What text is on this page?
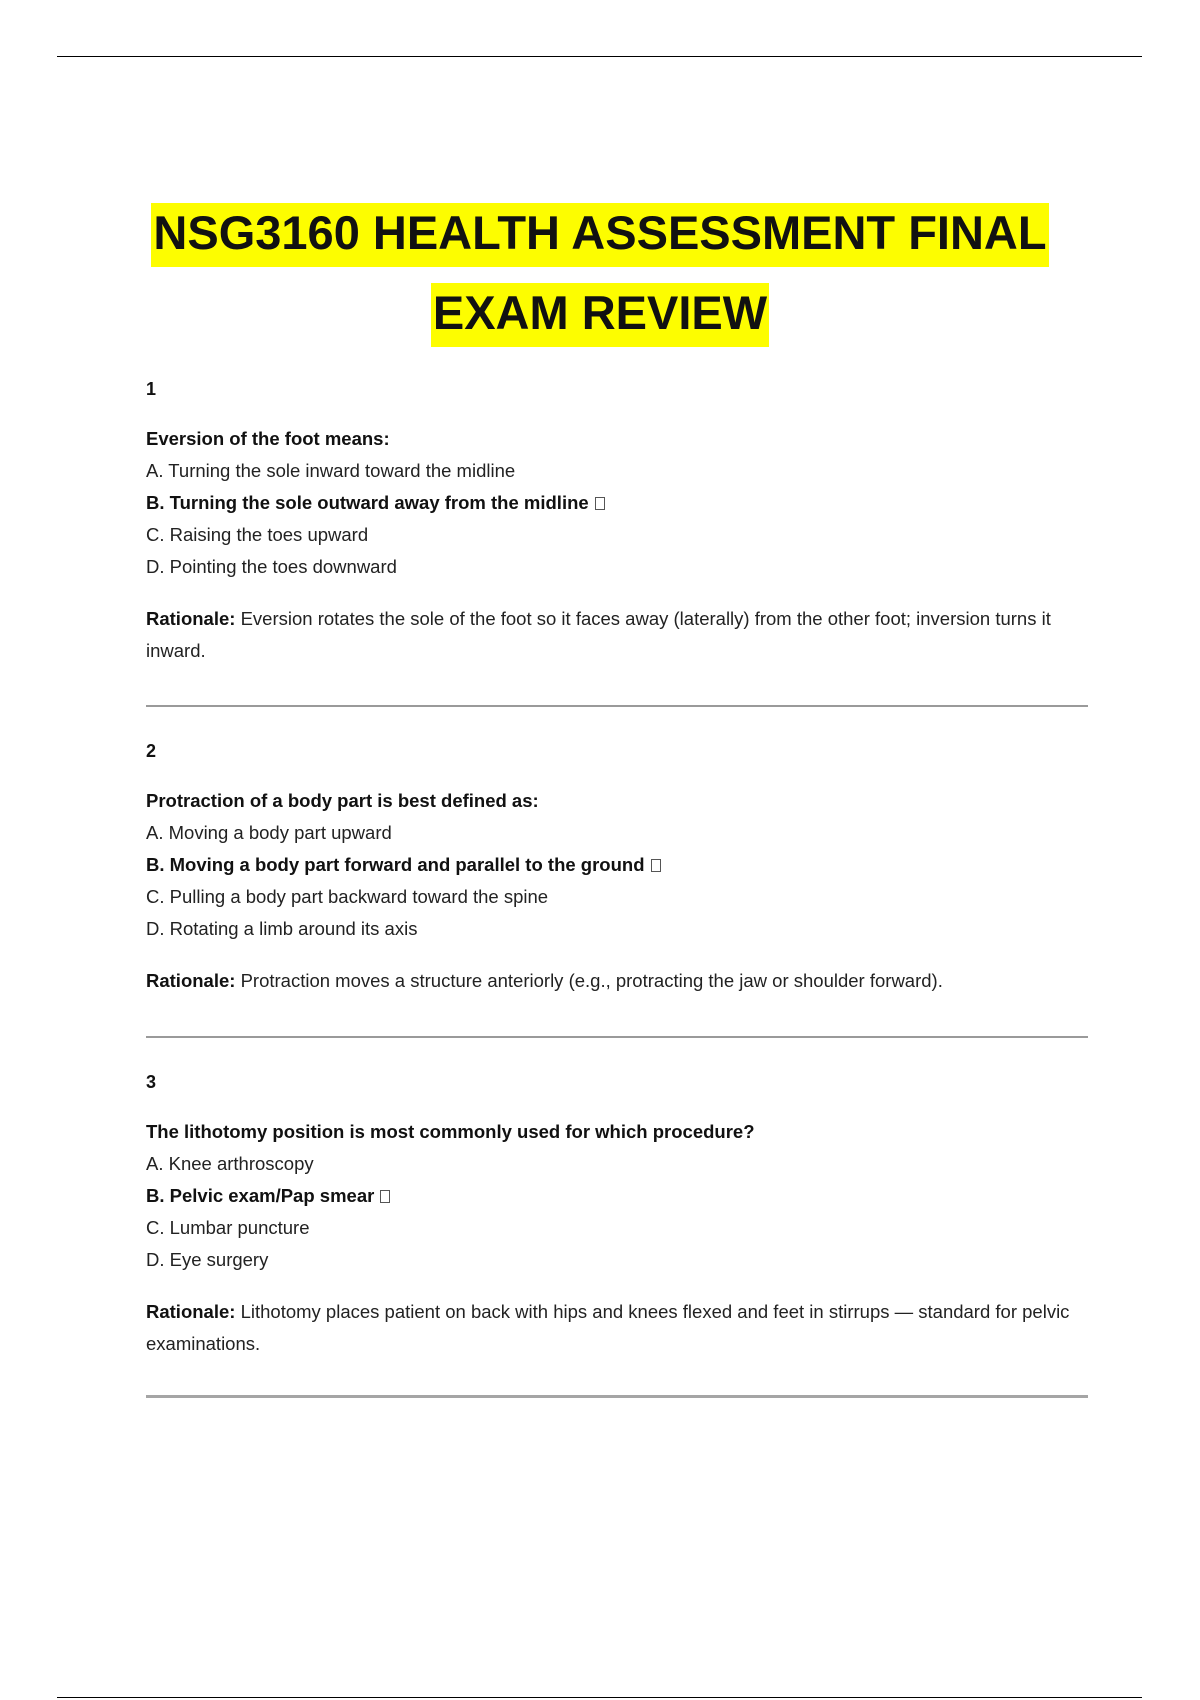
NSG3160 HEALTH ASSESSMENT FINAL
EXAM REVIEW
1
Eversion of the foot means:
A. Turning the sole inward toward the midline
B. Turning the sole outward away from the midline
C. Raising the toes upward
D. Pointing the toes downward
Rationale: Eversion rotates the sole of the foot so it faces away (laterally) from the other foot; inversion turns it inward.
2
Protraction of a body part is best defined as:
A. Moving a body part upward
B. Moving a body part forward and parallel to the ground
C. Pulling a body part backward toward the spine
D. Rotating a limb around its axis
Rationale: Protraction moves a structure anteriorly (e.g., protracting the jaw or shoulder forward).
3
The lithotomy position is most commonly used for which procedure?
A. Knee arthroscopy
B. Pelvic exam/Pap smear
C. Lumbar puncture
D. Eye surgery
Rationale: Lithotomy places patient on back with hips and knees flexed and feet in stirrups — standard for pelvic examinations.
